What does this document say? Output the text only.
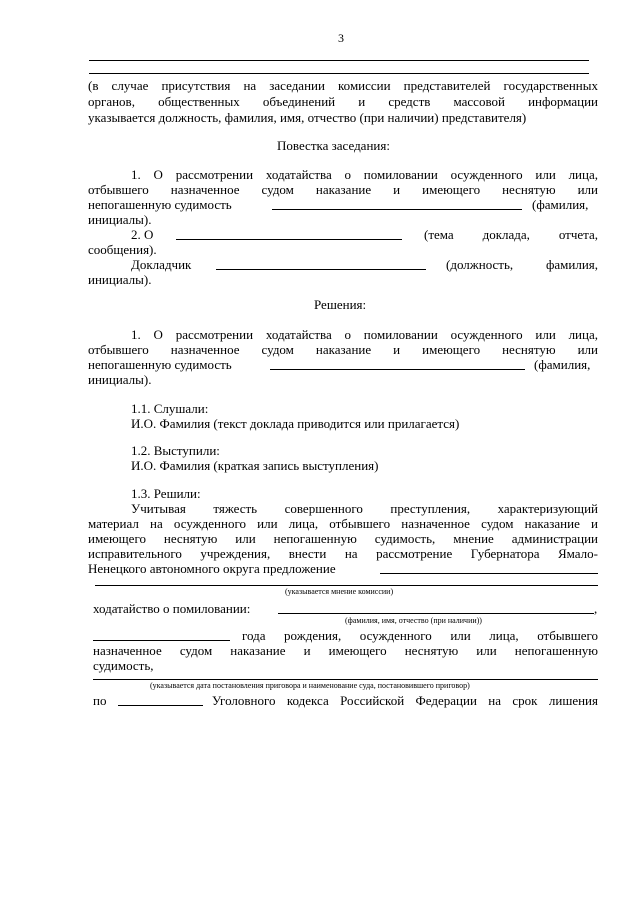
3
(в случае присутствия на заседании комиссии представителей государственных
органов, общественных объединений и средств массовой информации
указывается должность, фамилия, имя, отчество (при наличии) представителя)
Повестка заседания:
1. О рассмотрении ходатайства о помиловании осужденного или лица,
отбывшего назначенное судом наказание и имеющего неснятую или
непогашенную судимость	(фамилия,
инициалы).
2. О	(тема доклада, отчета,
сообщения).
Докладчик	(должность, фамилия,
инициалы).
Решения:
1. О рассмотрении ходатайства о помиловании осужденного или лица,
отбывшего назначенное судом наказание и имеющего неснятую или
непогашенную судимость	(фамилия,
инициалы).
1.1. Слушали:
И.О. Фамилия (текст доклада приводится или прилагается)
1.2. Выступили:
И.О. Фамилия (краткая запись выступления)
1.3. Решили:
Учитывая тяжесть совершенного преступления, характеризующий
материал на осужденного или лица, отбывшего назначенное судом наказание и
имеющего неснятую или непогашенную судимость, мнение администрации
исправительного учреждения, внести на рассмотрение Губернатора Ямало-
Ненецкого автономного округа предложение
(указывается мнение комиссии)
ходатайство о помиловании:	,
(фамилия, имя, отчество (при наличии))
года рождения, осужденного или лица, отбывшего
назначенное судом наказание и имеющего неснятую или непогашенную
судимость,
(указывается дата постановления приговора и наименование суда, постановившего приговор)
по	Уголовного кодекса Российской Федерации на срок лишения
